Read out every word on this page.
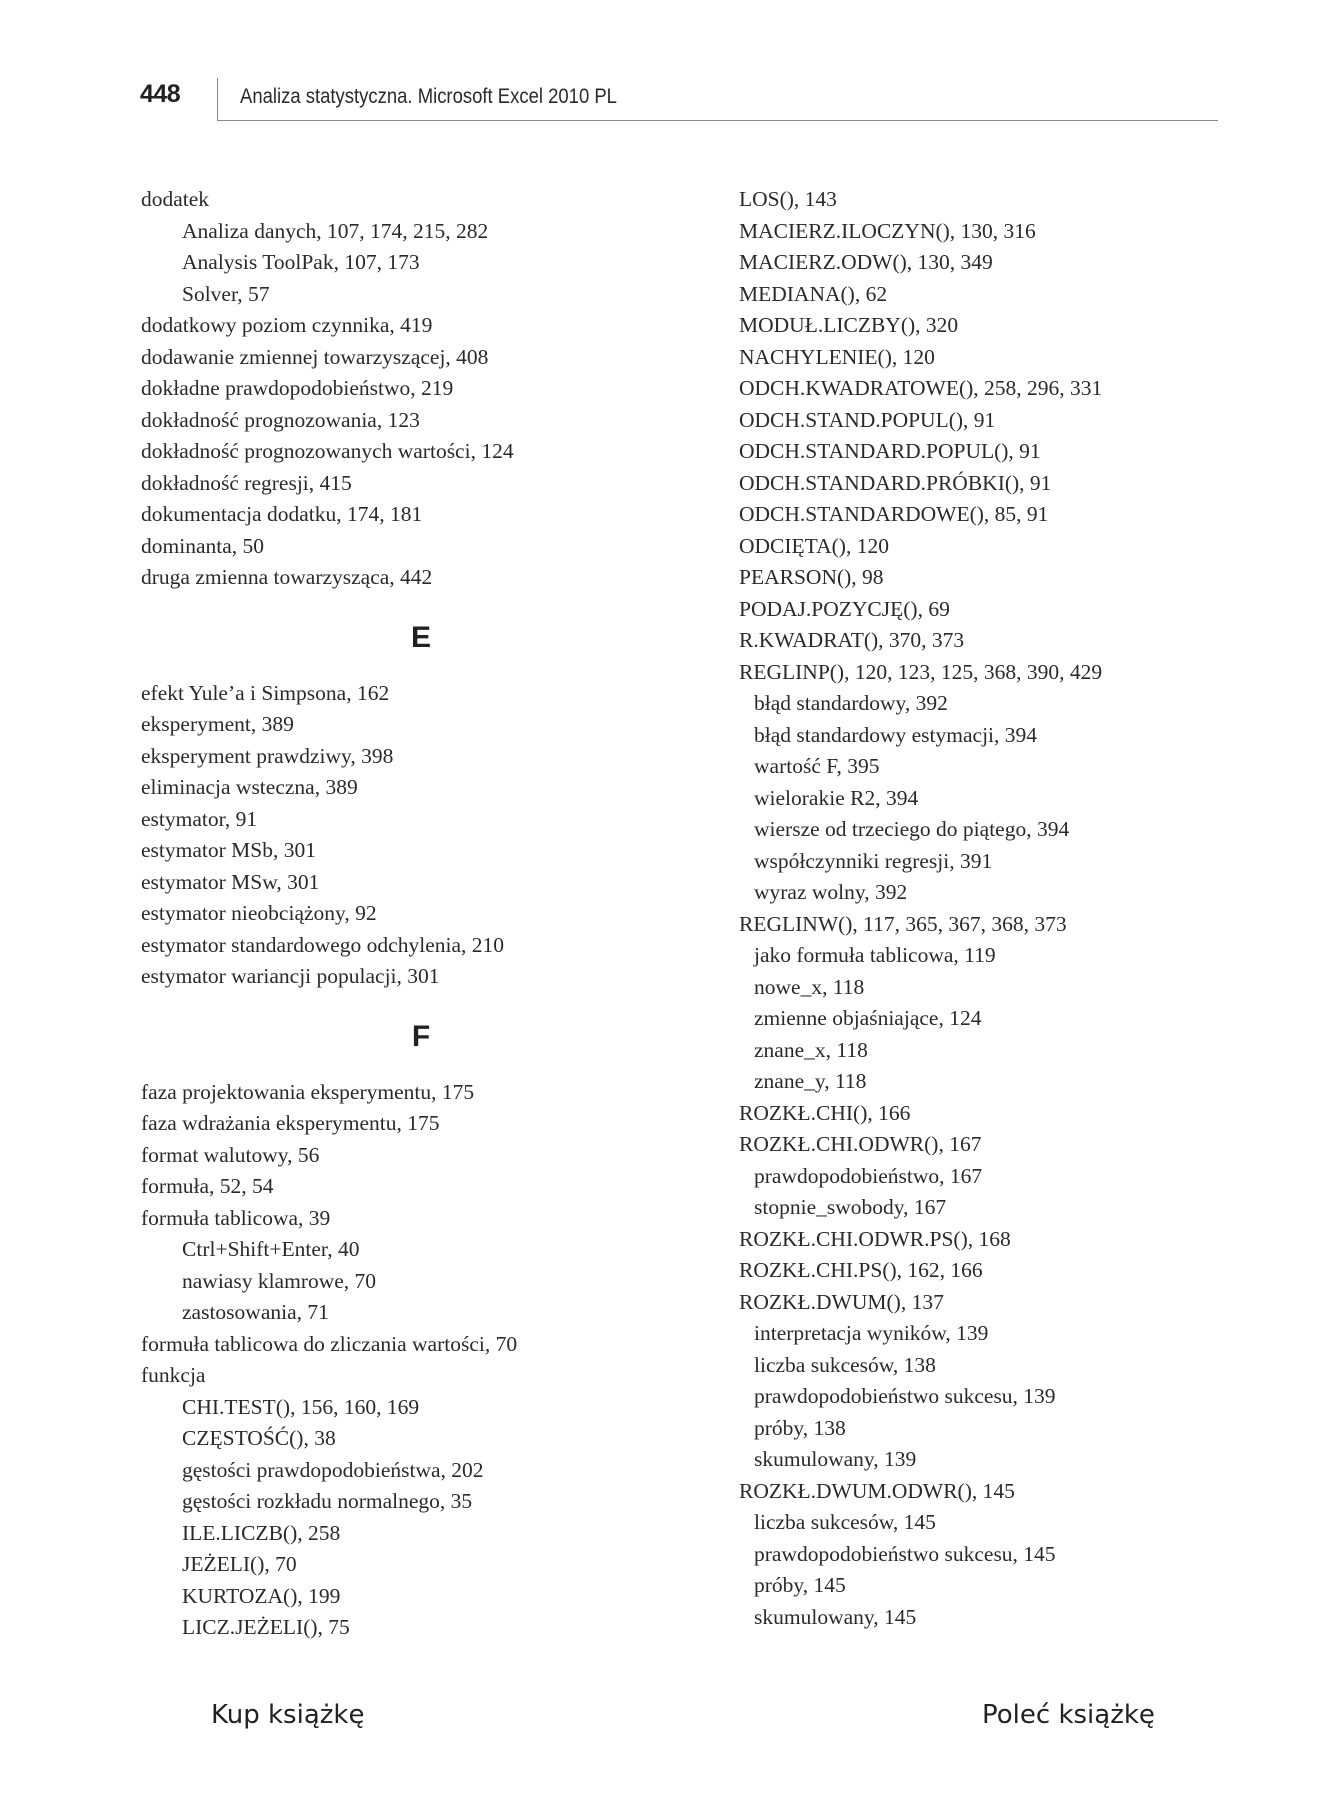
448	Analiza statystyczna. Microsoft Excel 2010 PL
dodatek
Analiza danych, 107, 174, 215, 282
Analysis ToolPak, 107, 173
Solver, 57
dodatkowy poziom czynnika, 419
dodawanie zmiennej towarzyszącej, 408
dokładne prawdopodobieństwo, 219
dokładność prognozowania, 123
dokładność prognozowanych wartości, 124
dokładność regresji, 415
dokumentacja dodatku, 174, 181
dominanta, 50
druga zmienna towarzysząca, 442
E
efekt Yule’a i Simpsona, 162
eksperyment, 389
eksperyment prawdziwy, 398
eliminacja wsteczna, 389
estymator, 91
estymator MSb, 301
estymator MSw, 301
estymator nieobciążony, 92
estymator standardowego odchylenia, 210
estymator wariancji populacji, 301
F
faza projektowania eksperymentu, 175
faza wdrażania eksperymentu, 175
format walutowy, 56
formuła, 52, 54
formuła tablicowa, 39
Ctrl+Shift+Enter, 40
nawiasy klamrowe, 70
zastosowania, 71
formuła tablicowa do zliczania wartości, 70
funkcja
CHI.TEST(), 156, 160, 169
CZĘSTOŚĆ(), 38
gęstości prawdopodobieństwa, 202
gęstości rozkładu normalnego, 35
ILE.LICZB(), 258
JEŻELI(), 70
KURTOZA(), 199
LICZ.JEŻELI(), 75
LOS(), 143
MACIERZ.ILOCZYN(), 130, 316
MACIERZ.ODW(), 130, 349
MEDIANA(), 62
MODUŁ.LICZBY(), 320
NACHYLENIE(), 120
ODCH.KWADRATOWE(), 258, 296, 331
ODCH.STAND.POPUL(), 91
ODCH.STANDARD.POPUL(), 91
ODCH.STANDARD.PRÓBKI(), 91
ODCH.STANDARDOWE(), 85, 91
ODCIĘTA(), 120
PEARSON(), 98
PODAJ.POZYCJĘ(), 69
R.KWADRAT(), 370, 373
REGLINP(), 120, 123, 125, 368, 390, 429
błąd standardowy, 392
błąd standardowy estymacji, 394
wartość F, 395
wielorakie R2, 394
wiersze od trzeciego do piątego, 394
współczynniki regresji, 391
wyraz wolny, 392
REGLINW(), 117, 365, 367, 368, 373
jako formuła tablicowa, 119
nowe_x, 118
zmienne objaśniające, 124
znane_x, 118
znane_y, 118
ROZKŁ.CHI(), 166
ROZKŁ.CHI.ODWR(), 167
prawdopodobieństwo, 167
stopnie_swobody, 167
ROZKŁ.CHI.ODWR.PS(), 168
ROZKŁ.CHI.PS(), 162, 166
ROZKŁ.DWUM(), 137
interpretacja wyników, 139
liczba sukcesów, 138
prawdopodobieństwo sukcesu, 139
próby, 138
skumulowany, 139
ROZKŁ.DWUM.ODWR(), 145
liczba sukcesów, 145
prawdopodobieństwo sukcesu, 145
próby, 145
skumulowany, 145
Kup książkę	Poleć książkę
